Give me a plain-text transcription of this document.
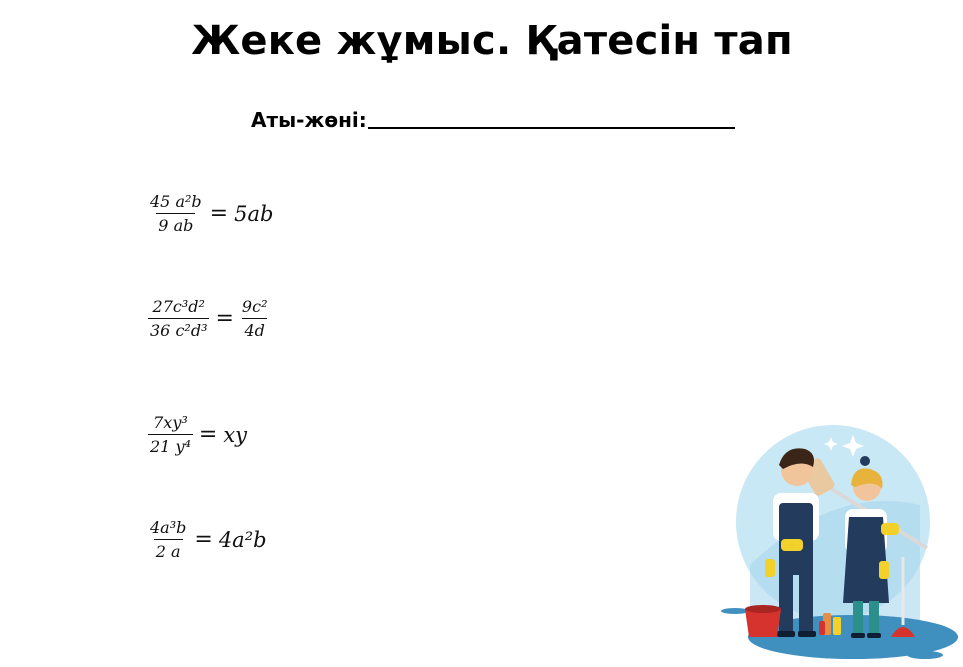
Жеке жұмыс. Қатесін тап
Аты-жөні:
$\frac{\text{45 a²b}}{9 ab} = 5ab$
$\frac{\text{27c³d²}}{\text{36 c²d³}} = \frac{\text{9c²}}{4d}$
$\frac{\text{7xy³}}{\text{21 y⁴}}$ = xy
$\frac{\text{4a³b}}{2 a} = 4a^2b$
